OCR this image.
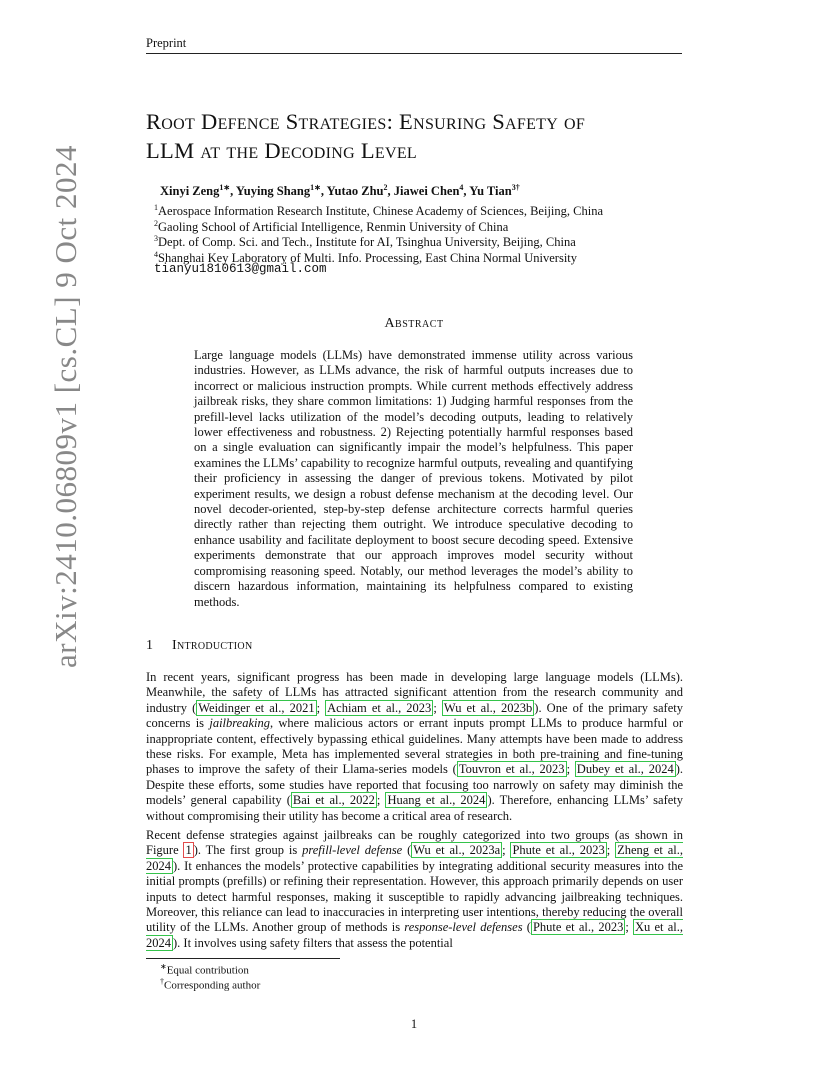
Preprint
arXiv:2410.06809v1 [cs.CL] 9 Oct 2024
Root Defence Strategies: Ensuring Safety of
LLM at the Decoding Level
Xinyi Zeng$^{1∗}$, Yuying Shang$^{1∗}$, Yutao Zhu$^2$, Jiawei Chen$^4$, Yu Tian$^{3\dagger}$
$^1$Aerospace Information Research Institute, Chinese Academy of Sciences, Beijing, China
$^2$Gaoling School of Artificial Intelligence, Renmin University of China
$^3$Dept. of Comp. Sci. and Tech., Institute for AI, Tsinghua University, Beijing, China
$^4$Shanghai Key Laboratory of Multi. Info. Processing, East China Normal University
tianyu1810613@gmail.com
Abstract
Large language models (LLMs) have demonstrated immense utility across various industries. However, as LLMs advance, the risk of harmful outputs increases due to incorrect or malicious instruction prompts. While current methods effectively address jailbreak risks, they share common limitations: 1) Judging harmful responses from the prefill-level lacks utilization of the model’s decoding outputs, leading to relatively lower effectiveness and robustness. 2) Rejecting potentially harmful responses based on a single evaluation can significantly impair the model’s helpfulness. This paper examines the LLMs’ capability to recognize harmful outputs, revealing and quantifying their proficiency in assessing the danger of previous tokens. Motivated by pilot experiment results, we design a robust defense mechanism at the decoding level. Our novel decoder-oriented, step-by-step defense architecture corrects harmful queries directly rather than rejecting them outright. We introduce speculative decoding to enhance usability and facilitate deployment to boost secure decoding speed. Extensive experiments demonstrate that our approach improves model security without compromising reasoning speed. Notably, our method leverages the model’s ability to discern hazardous information, maintaining its helpfulness compared to existing methods.
1 Introduction
In recent years, significant progress has been made in developing large language models (LLMs). Meanwhile, the safety of LLMs has attracted significant attention from the research community and industry ( Weidinger et al., 2021 ; Achiam et al., 2023 ; Wu et al., 2023b ). One of the primary safety concerns is jailbreaking, where malicious actors or errant inputs prompt LLMs to produce harmful or inappropriate content, effectively bypassing ethical guidelines. Many attempts have been made to address these risks. For example, Meta has implemented several strategies in both pre-training and fine-tuning phases to improve the safety of their Llama-series models ( Touvron et al., 2023 ; Dubey et al., 2024 ). Despite these efforts, some studies have reported that focusing too narrowly on safety may diminish the models’ general capability ( Bai et al., 2022 ; Huang et al., 2024 ). Therefore, enhancing LLMs’ safety without compromising their utility has become a critical area of research.
Recent defense strategies against jailbreaks can be roughly categorized into two groups (as shown in Figure 1 ). The first group is prefill-level defense ( Wu et al., 2023a ; Phute et al., 2023 ; Zheng et al., 2024 ). It enhances the models’ protective capabilities by integrating additional security measures into the initial prompts (prefills) or refining their representation. However, this approach primarily depends on user inputs to detect harmful responses, making it susceptible to rapidly advancing jailbreaking techniques. Moreover, this reliance can lead to inaccuracies in interpreting user intentions, thereby reducing the overall utility of the LLMs. Another group of methods is response-level defenses ( Phute et al., 2023 ; Xu et al., 2024 ). It involves using safety filters that assess the potential
∗Equal contribution
†Corresponding author
1
